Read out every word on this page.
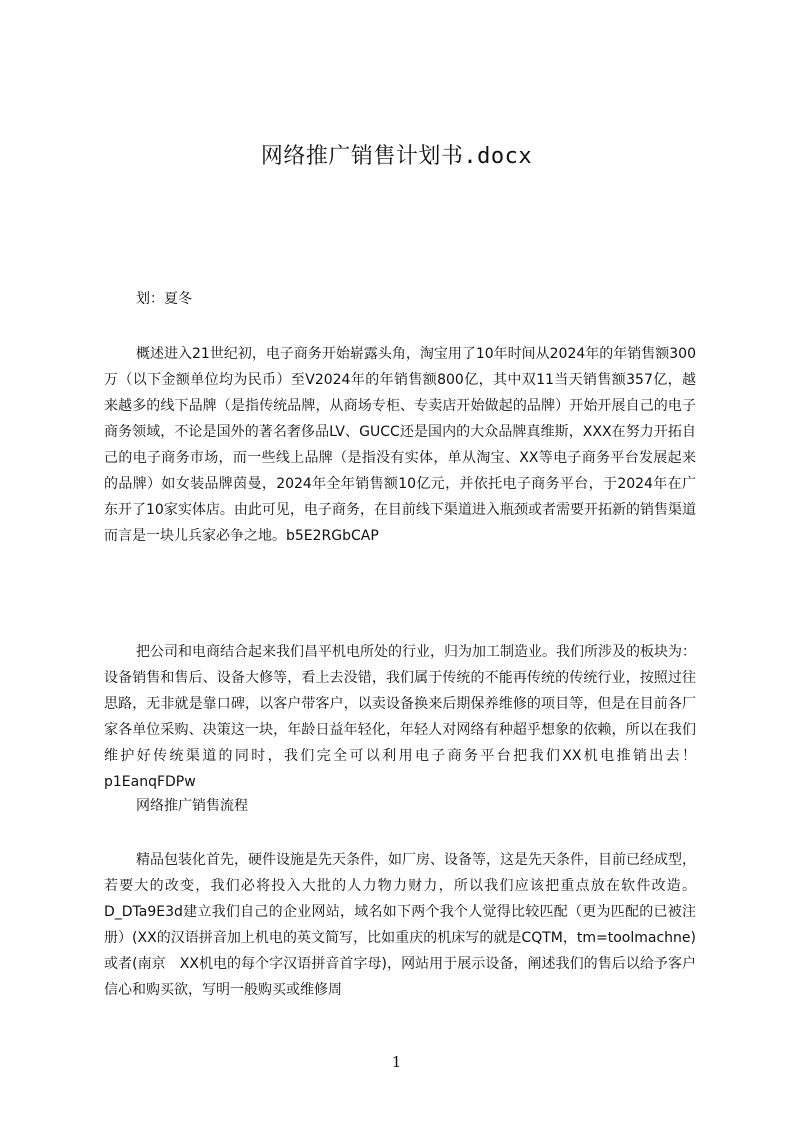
网络推广销售计划书.docx
划：夏冬

概述进入21世纪初，电子商务开始崭露头角，淘宝用了10年时间从2024年的年销售额300万（以下金额单位均为民币）至V2024年的年销售额800亿，其中双11当天销售额357亿，越来越多的线下品牌（是指传统品牌，从商场专柜、专卖店开始做起的品牌）开始开展自己的电子商务领域，不论是国外的著名奢侈品LV、GUCC还是国内的大众品牌真维斯，XXX在努力开拓自己的电子商务市场，而一些线上品牌（是指没有实体，单从淘宝、XX等电子商务平台发展起来的品牌）如女装品牌茵曼，2024年全年销售额10亿元，并依托电子商务平台，于2024年在广东开了10家实体店。由此可见，电子商务，在目前线下渠道进入瓶颈或者需要开拓新的销售渠道而言是一块儿兵家必争之地。b5E2RGbCAP

把公司和电商结合起来我们昌平机电所处的行业，归为加工制造业。我们所涉及的板块为：设备销售和售后、设备大修等，看上去没错，我们属于传统的不能再传统的传统行业，按照过往思路，无非就是靠口碑，以客户带客户，以卖设备换来后期保养维修的项目等，但是在目前各厂家各单位采购、决策这一块，年龄日益年轻化，年轻人对网络有种超乎想象的依赖，所以在我们维护好传统渠道的同时，我们完全可以利用电子商务平台把我们XX机电推销出去！p1EanqFDPw

网络推广销售流程

精品包装化首先，硬件设施是先天条件，如厂房、设备等，这是先天条件，目前已经成型，若要大的改变，我们必将投入大批的人力物力财力，所以我们应该把重点放在软件改造。D_DTa9E3d建立我们自己的企业网站，域名如下两个我个人觉得比较匹配（更为匹配的已被注册）(XX的汉语拼音加上机电的英文简写，比如重庆的机床写的就是CQTM，tm=toolmachne)或者(南京　XX机电的每个字汉语拼音首字母)，网站用于展示设备，阐述我们的售后以给予客户信心和购买欲，写明一般购买或维修周

1
